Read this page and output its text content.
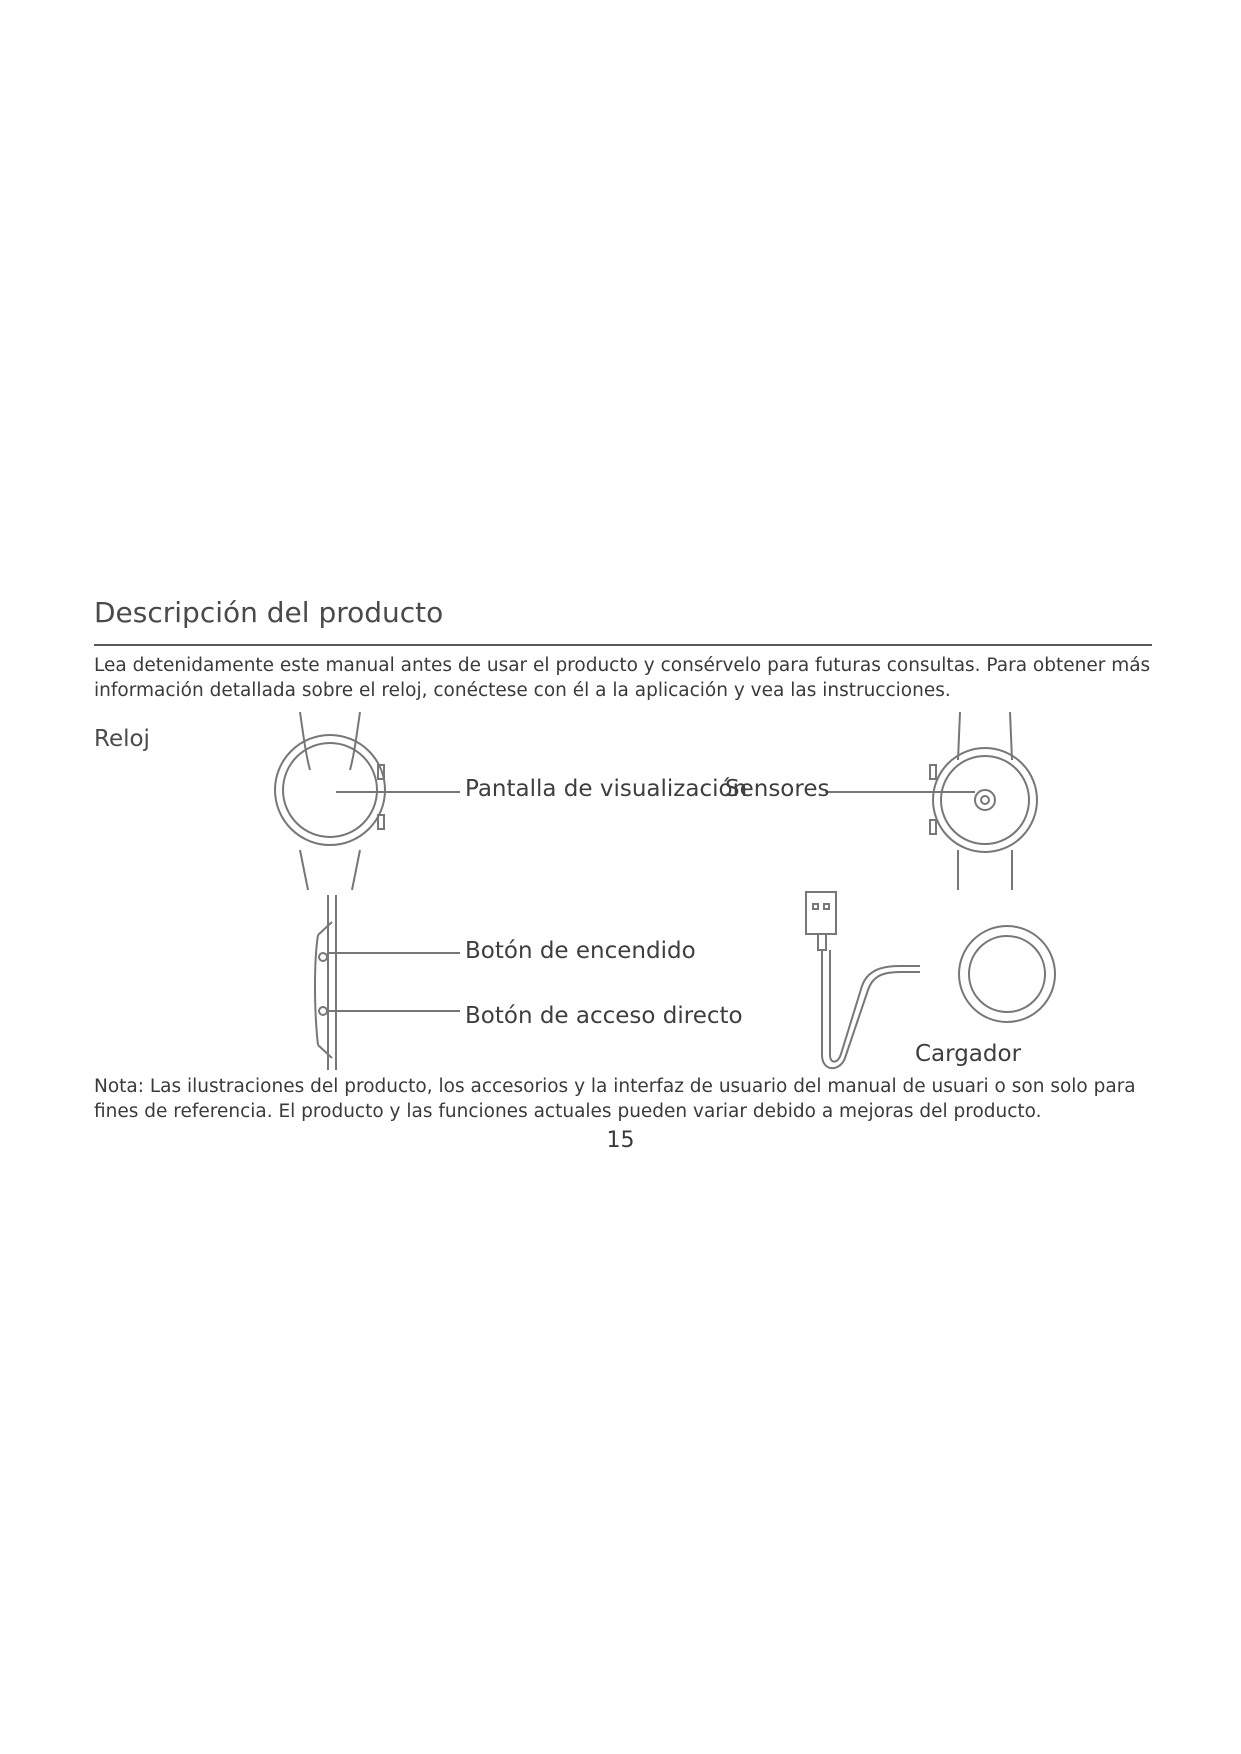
Descripción del producto
Lea detenidamente este manual antes de usar el producto y consérvelo para futuras consultas. Para obtener más información detallada sobre el reloj, conéctese con él a la aplicación y vea las instrucciones.
Reloj
Pantalla de visualización
Sensores
Botón de encendido
Botón de acceso directo
Cargador
Nota: Las ilustraciones del producto, los accesorios y la interfaz de usuario del manual de usuari o son solo para fines de referencia. El producto y las funciones actuales pueden variar debido a mejoras del producto.
15
